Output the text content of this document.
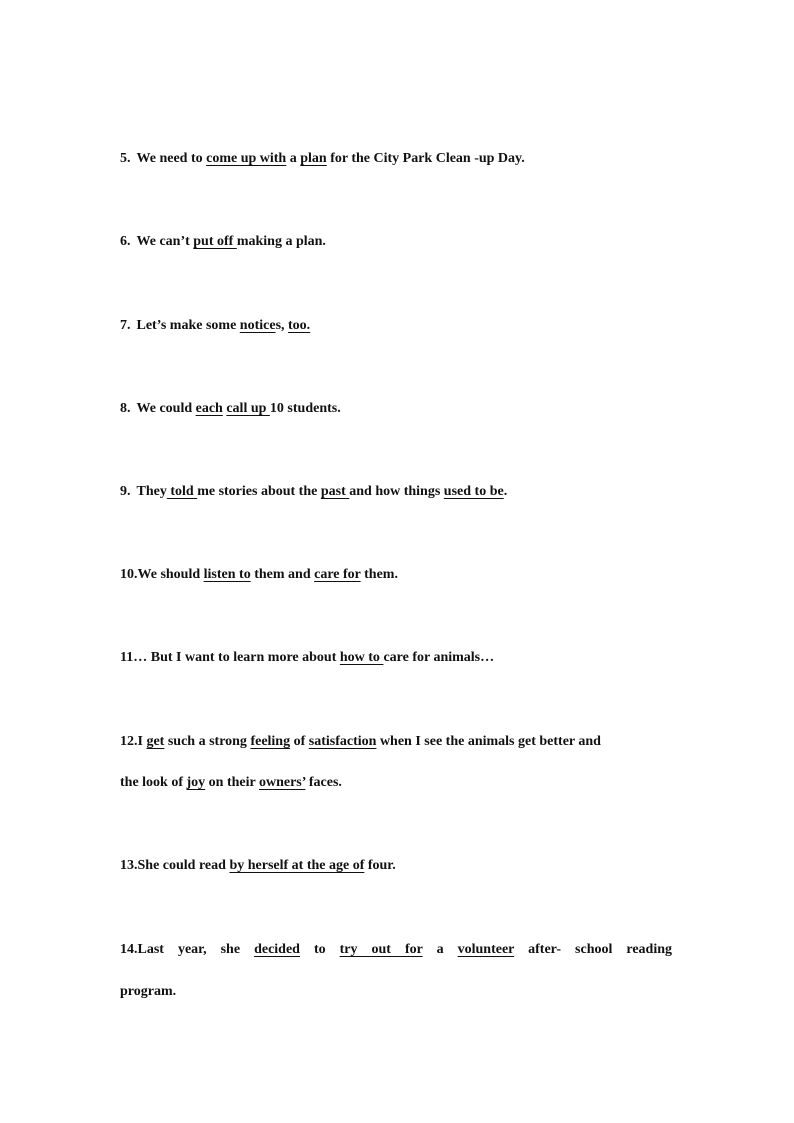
5. We need to come up with a plan for the City Park Clean -up Day.
6. We can’t put off making a plan.
7. Let’s make some notices, too.
8. We could each call up 10 students.
9. They told me stories about the past and how things used to be.
10.We should listen to them and care for them.
11… But I want to learn more about how to care for animals…
12.I get such a strong feeling of satisfaction when I see the animals get better and
the look of joy on their owners’ faces.
13.She could read by herself at the age of four.
14.Last year, she decided to try out for a volunteer after- school reading
program.
